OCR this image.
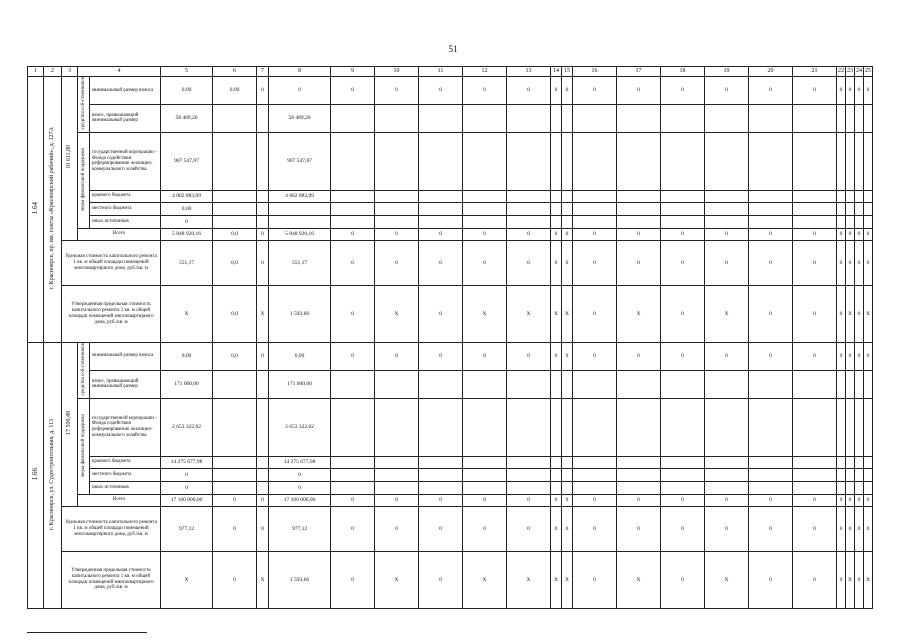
51
1	2	3	4		5	6	7	8	9	10	11	12	13	14	15	16	17	18	19	20	21	22	23	24	25
1.64	г. Красноярск, пр. им. газеты «Красноярский рабочий», д. 127А	10 611,80	средства соб-ственников	минимальный размер взноса	0,00	0,00	0	0	0	0	0	0	0	0	0	0	0	0	0	0	0	0	0	0	0
				взнос, превышающий минимальный размер	58 489,20			58 489,20																	
			меры финансовой поддержки	государственной корпорации - Фонда содействия реформированию жилищно-коммунального хозяйства	907 547,87			907 547,87																	
				краевого бюджета	4 882 883,09			4 882 883,09																	
				местного бюджета	0,00																				
				иных источников	0																				
			Всего		5 848 920,16	0,0	0	5 848 920,16	0	0	0	0	0	0	0	0	0	0	0	0	0	0	0	0	0
		Удельная стоимость капитального ремонта 1 кв. м общей площади помещений многоквартирного дома, руб./кв. м			551,17	0,0	0	551,17	0	0	0	0	0	0	0	0	0	0	0	0	0	0	0	0	0
		Утвержденная предельная стоимость капитального ремонта 1 кв. м общей площади помещений многоквартирного дома, руб./кв. м			X	0,0	X	1 593,66	0	X	0	X	X	X	X	0	X	0	X	0	0	0	X	0	X
1.66	г. Красноярск, ул. Судостроительная, д. 113	17 500,49	средства соб-ственников	минимальный размер взноса	0,00	0,0	0	0,00	0	0	0	0	0	0	0	0	0	0	0	0	0	0	0	0	0
				взнос, превышающий минимальный размер	171 000,00			171 000,00																	
			меры финансовой поддержки	государственной корпорации - Фонда содействия реформированию жилищно-коммунального хозяйства	2 653 322,02			2 653 322,02																	
				краевого бюджета	14 275 677,98			14 275 677,98																	
				местного бюджета	0			0																	
				иных источников	0			0																	
			Всего		17 100 000,00	0	0	17 100 000,00	0	0	0	0	0	0	0	0	0	0	0	0	0	0	0	0	0
		Удельная стоимость капитального ремонта 1 кв. м общей площади помещений многоквартирного дома, руб./кв. м			977,12	0	0	977,12	0	0	0	0	0	0	0	0	0	0	0	0	0	0	0	0	0
		Утвержденная предельная стоимость капитального ремонта 1 кв. м общей площади помещений многоквартирного дома, руб./кв. м			X	0	X	1 593,66	0	X	0	X	X	X	X	0	X	0	X	0	0	0	X	0	X
